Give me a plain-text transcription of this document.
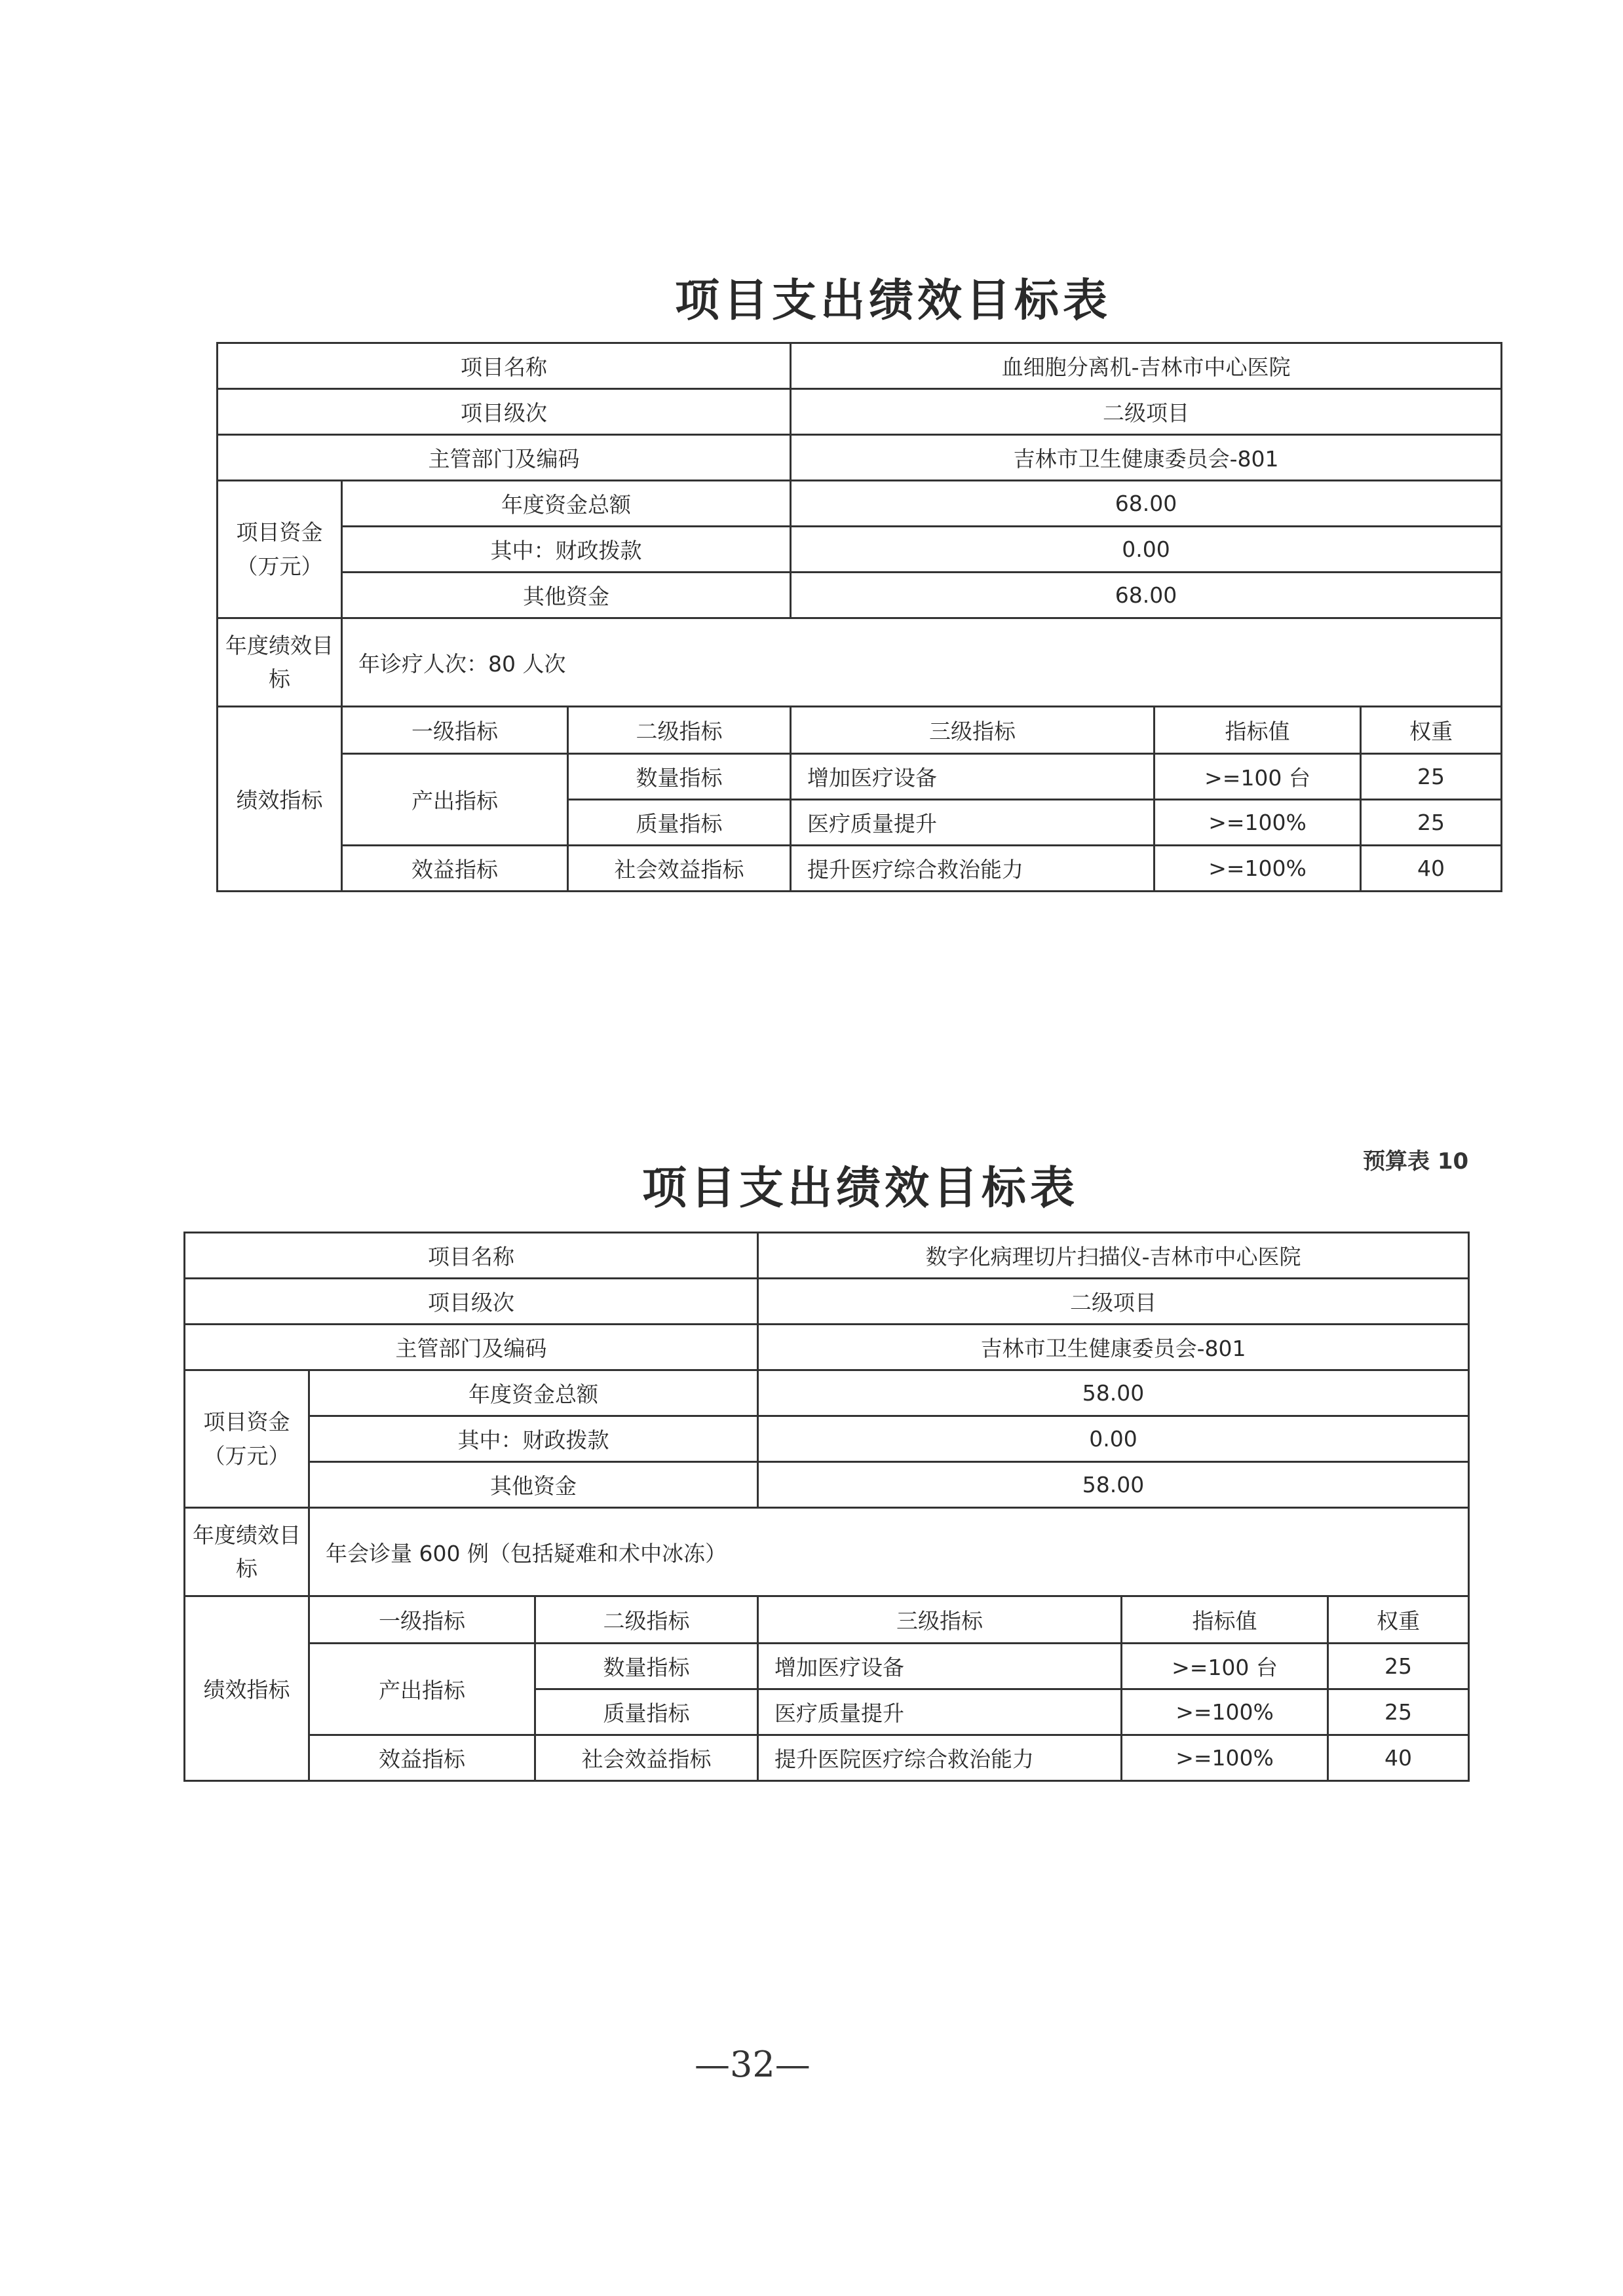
项目支出绩效目标表
项目名称			血细胞分离机-吉林市中心医院		
项目级次			二级项目		
主管部门及编码			吉林市卫生健康委员会-801		
项目资金（万元）	年度资金总额		68.00		
	其中：财政拨款		0.00		
	其他资金		68.00		
年度绩效目标	年诊疗人次：80 人次				
绩效指标	一级指标	二级指标	三级指标	指标值	权重
	产出指标	数量指标	增加医疗设备	>=100 台	25
		质量指标	医疗质量提升	>=100%	25
	效益指标	社会效益指标	提升医疗综合救治能力	>=100%	40
预算表 10
项目支出绩效目标表
项目名称			数字化病理切片扫描仪-吉林市中心医院		
项目级次			二级项目		
主管部门及编码			吉林市卫生健康委员会-801		
项目资金（万元）	年度资金总额		58.00		
	其中：财政拨款		0.00		
	其他资金		58.00		
年度绩效目标	年会诊量 600 例（包括疑难和术中冰冻）				
绩效指标	一级指标	二级指标	三级指标	指标值	权重
	产出指标	数量指标	增加医疗设备	>=100 台	25
		质量指标	医疗质量提升	>=100%	25
	效益指标	社会效益指标	提升医院医疗综合救治能力	>=100%	40
—32—
